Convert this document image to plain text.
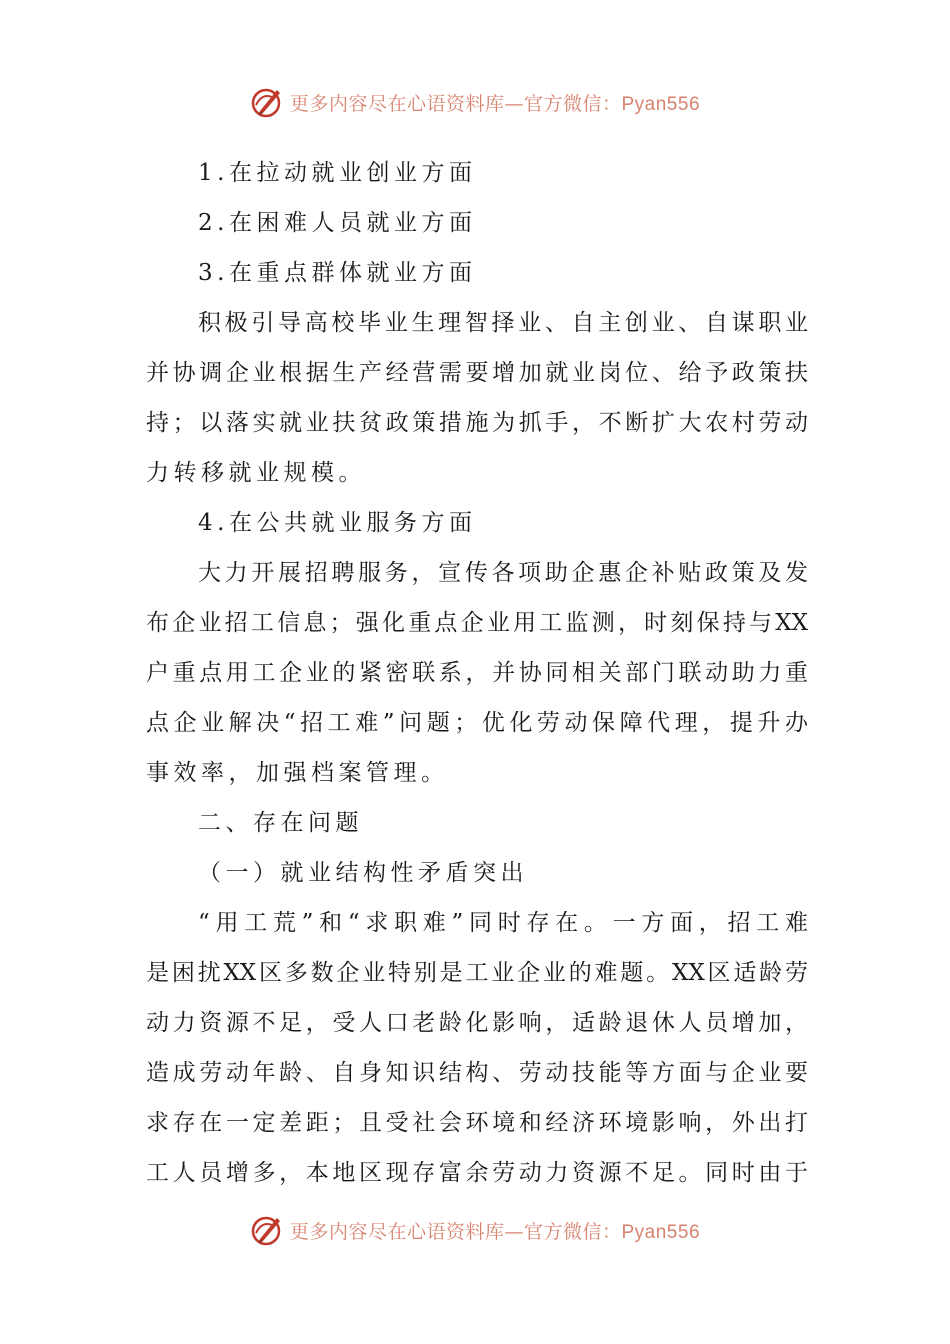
更多内容尽在心语资料库—官方微信：Pyan556
1.在拉动就业创业方面
2.在困难人员就业方面
3.在重点群体就业方面
积极引导高校毕业生理智择业、自主创业、自谋职业
并协调企业根据生产经营需要增加就业岗位、给予政策扶
持；以落实就业扶贫政策措施为抓手，不断扩大农村劳动
力转移就业规模。
4.在公共就业服务方面
大力开展招聘服务，宣传各项助企惠企补贴政策及发
布企业招工信息；强化重点企业用工监测，时刻保持与XX
户重点用工企业的紧密联系，并协同相关部门联动助力重
点企业解决“招工难”问题；优化劳动保障代理，提升办
事效率，加强档案管理。
二、存在问题
（一）就业结构性矛盾突出
“用工荒”和“求职难”同时存在。一方面，招工难
是困扰XX区多数企业特别是工业企业的难题。XX区适龄劳
动力资源不足，受人口老龄化影响，适龄退休人员增加，
造成劳动年龄、自身知识结构、劳动技能等方面与企业要
求存在一定差距；且受社会环境和经济环境影响，外出打
工人员增多，本地区现存富余劳动力资源不足。同时由于
更多内容尽在心语资料库—官方微信：Pyan556
